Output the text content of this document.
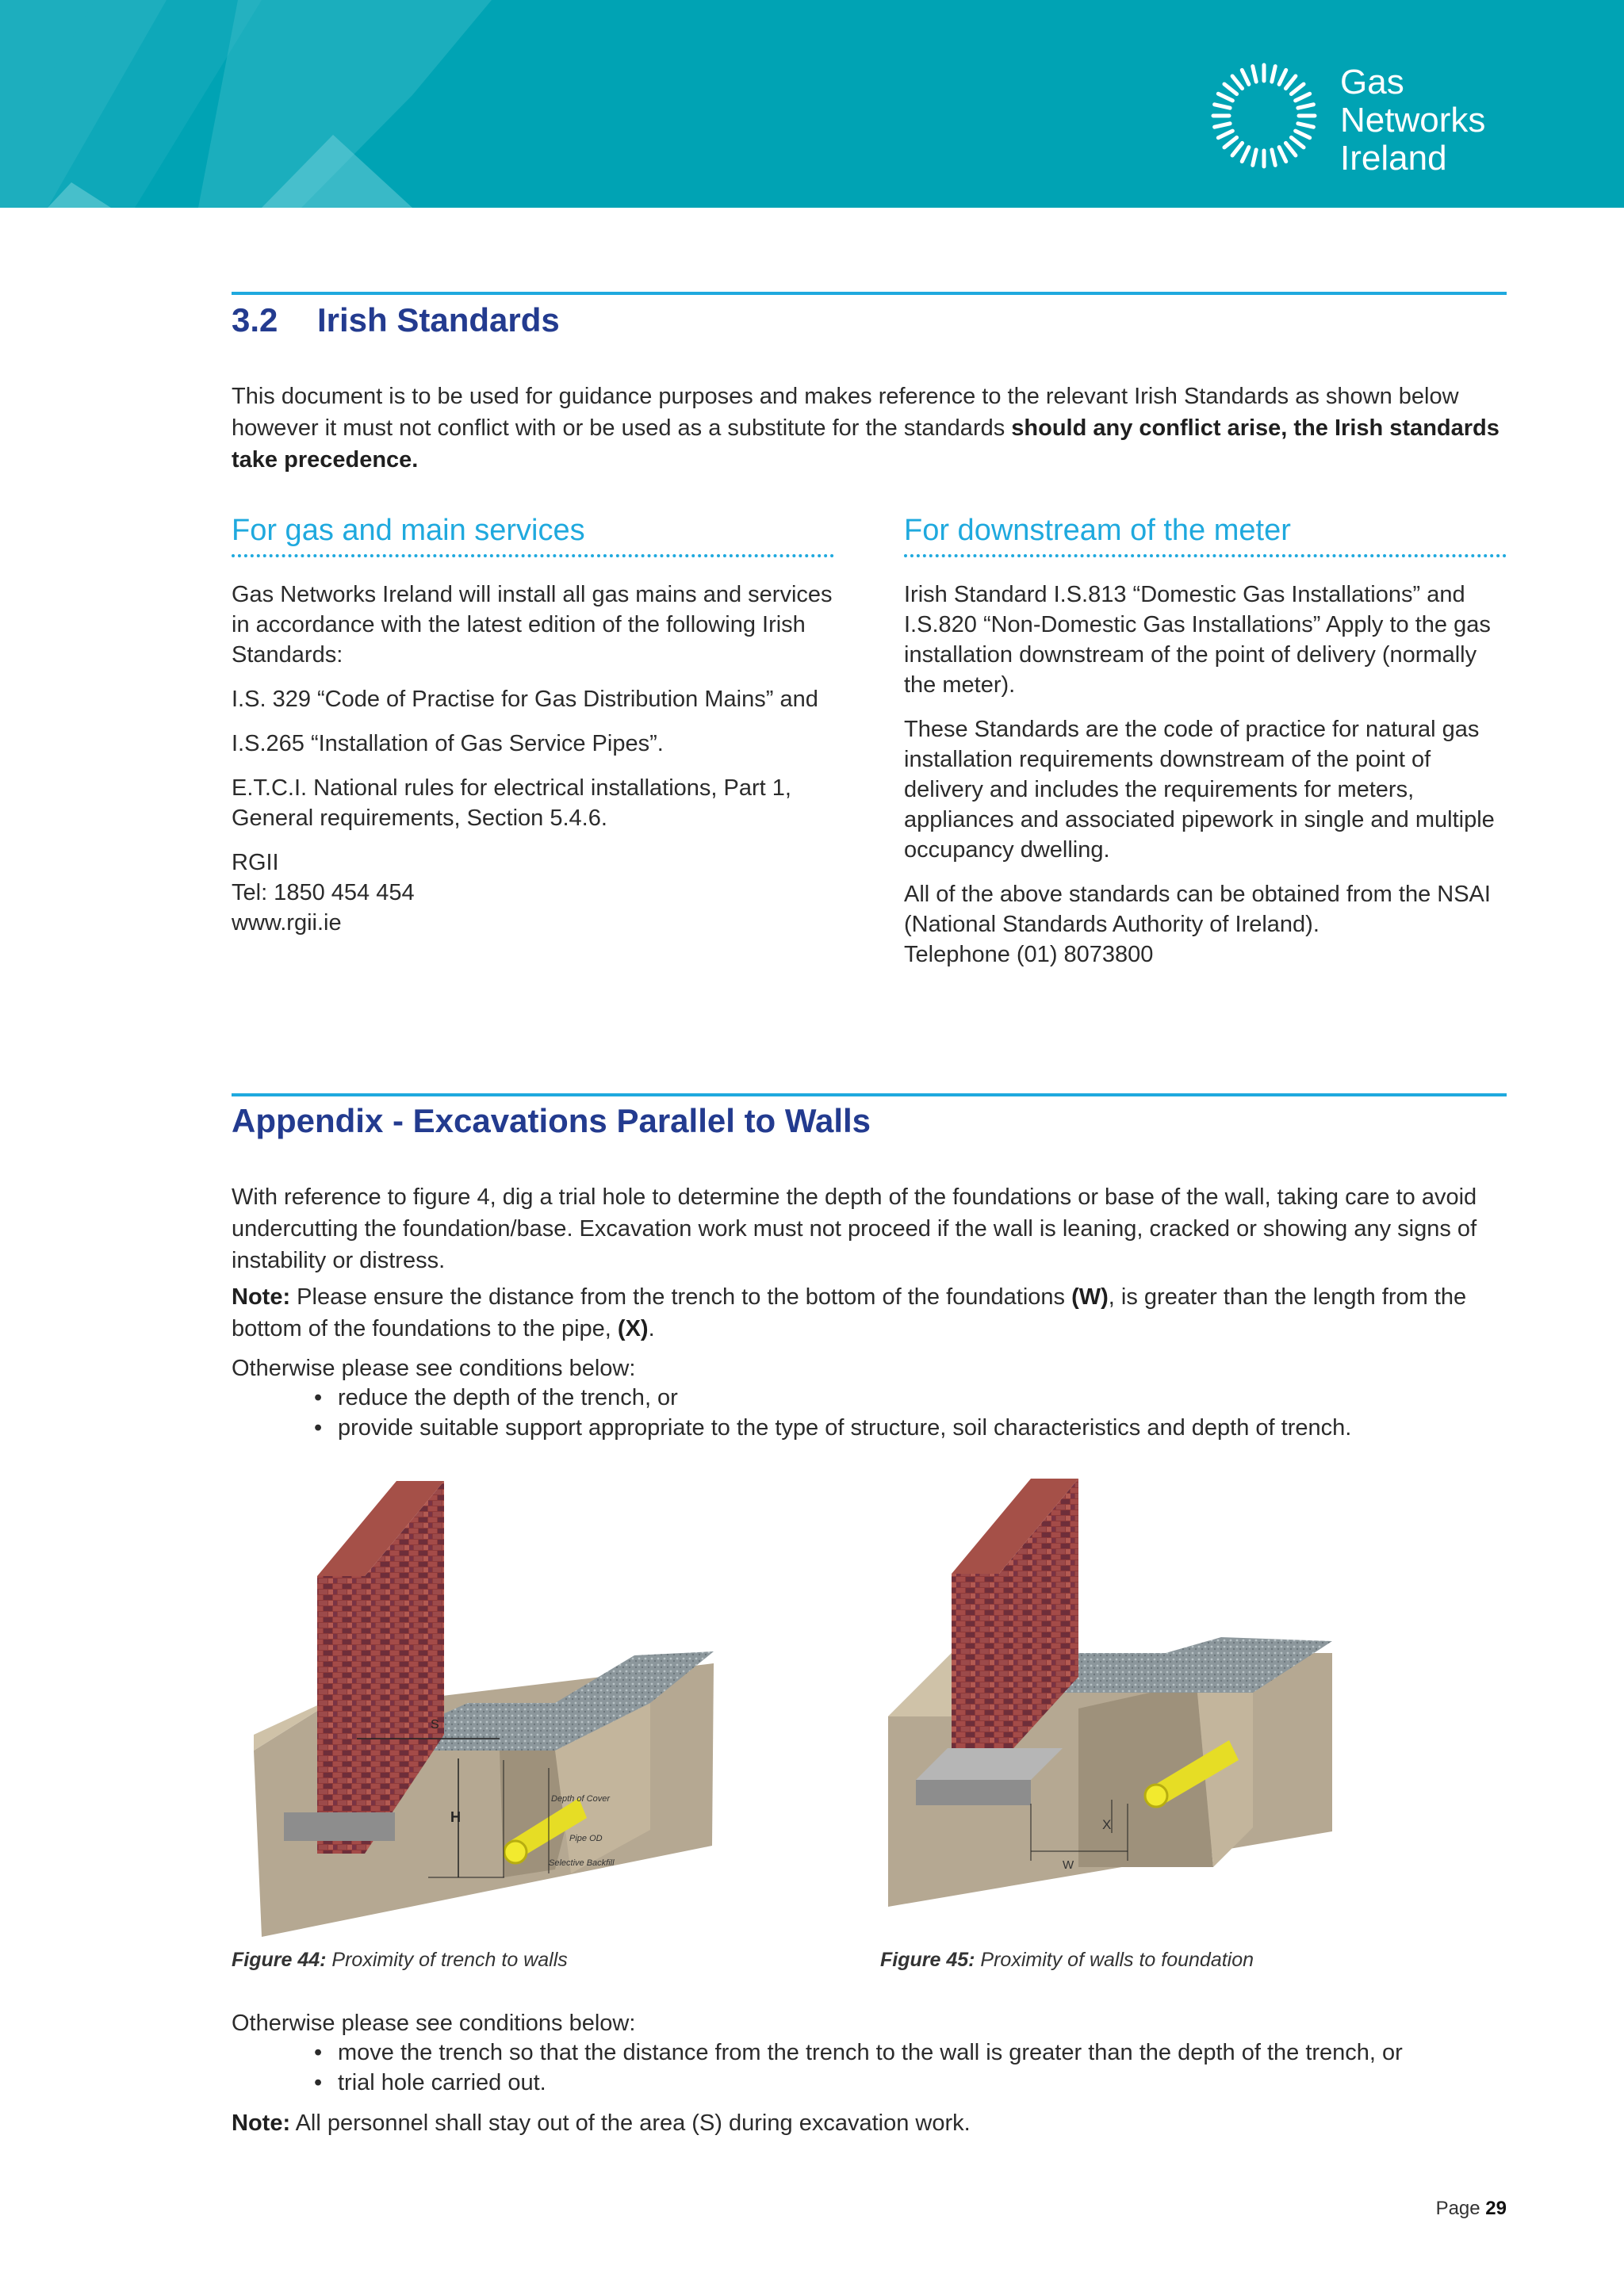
Gas
Networks
Ireland
3.2 Irish Standards
This document is to be used for guidance purposes and makes reference to the relevant Irish Standards as shown below however it must not conflict with or be used as a substitute for the standards should any conflict arise, the Irish standards take precedence.
For gas and main services

Gas Networks Ireland will install all gas mains and services in accordance with the latest edition of the following Irish Standards:

I.S. 329 “Code of Practise for Gas Distribution Mains” and

I.S.265 “Installation of Gas Service Pipes”.

E.T.C.I. National rules for electrical installations, Part 1, General requirements, Section 5.4.6.

RGII
Tel: 1850 454 454
www.rgii.ie

For downstream of the meter

Irish Standard I.S.813 “Domestic Gas Installations” and I.S.820 “Non-Domestic Gas Installations” Apply to the gas installation downstream of the point of delivery (normally the meter).

These Standards are the code of practice for natural gas installation requirements downstream of the point of delivery and includes the requirements for meters, appliances and associated pipework in single and multiple occupancy dwelling.

All of the above standards can be obtained from the NSAI (National Standards Authority of Ireland).
Telephone (01) 8073800

Appendix - Excavations Parallel to Walls
With reference to figure 4, dig a trial hole to determine the depth of the foundations or base of the wall, taking care to avoid undercutting the foundation/base. Excavation work must not proceed if the wall is leaning, cracked or showing any signs of instability or distress.
Note: Please ensure the distance from the trench to the bottom of the foundations (W), is greater than the length from the bottom of the foundations to the pipe, (X).
Otherwise please see conditions below:
• reduce the depth of the trench, or
• provide suitable support appropriate to the type of structure, soil characteristics and depth of trench.
S
H
Depth of Cover
Pipe OD
Selective Backfill
Figure 44: Proximity of trench to walls
X
W
Figure 45: Proximity of walls to foundation
Otherwise please see conditions below:
• move the trench so that the distance from the trench to the wall is greater than the depth of the trench, or
• trial hole carried out.
Note: All personnel shall stay out of the area (S) during excavation work.
Page 29
